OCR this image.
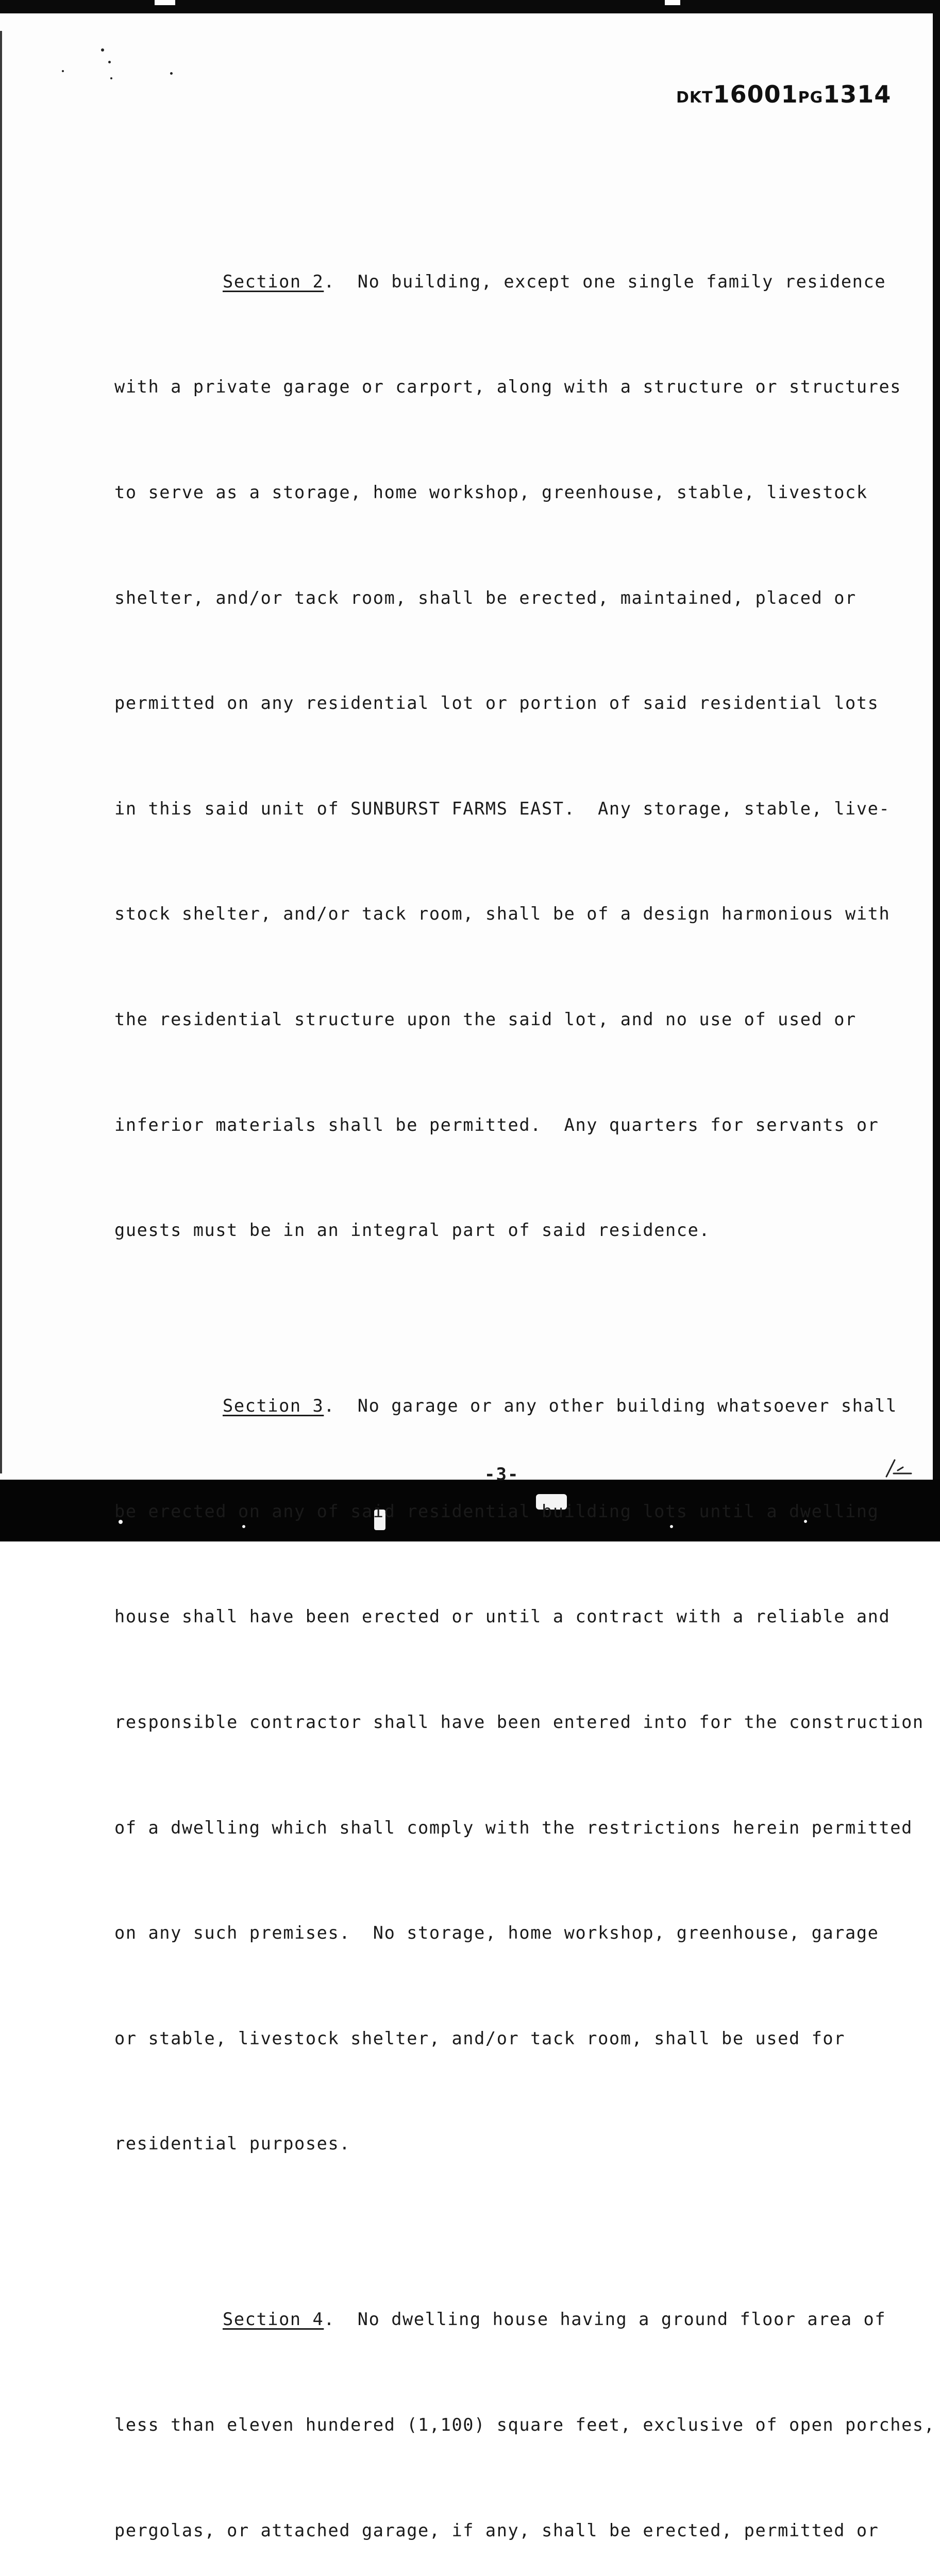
DKT16001PG1314

Section 2.  No building, except one single family residence

with a private garage or carport, along with a structure or structures

to serve as a storage, home workshop, greenhouse, stable, livestock

shelter, and/or tack room, shall be erected, maintained, placed or

permitted on any residential lot or portion of said residential lots

in this said unit of SUNBURST FARMS EAST.  Any storage, stable, live-

stock shelter, and/or tack room, shall be of a design harmonious with

the residential structure upon the said lot, and no use of used or

inferior materials shall be permitted.  Any quarters for servants or

guests must be in an integral part of said residence.

Section 3.  No garage or any other building whatsoever shall

be erected on any of said residential building lots until a dwelling

house shall have been erected or until a contract with a reliable and

responsible contractor shall have been entered into for the construction

of a dwelling which shall comply with the restrictions herein permitted

on any such premises.  No storage, home workshop, greenhouse, garage

or stable, livestock shelter, and/or tack room, shall be used for

residential purposes.

Section 4.  No dwelling house having a ground floor area of

less than eleven hundered (1,100) square feet, exclusive of open porches,

pergolas, or attached garage, if any, shall be erected, permitted or

-3-
